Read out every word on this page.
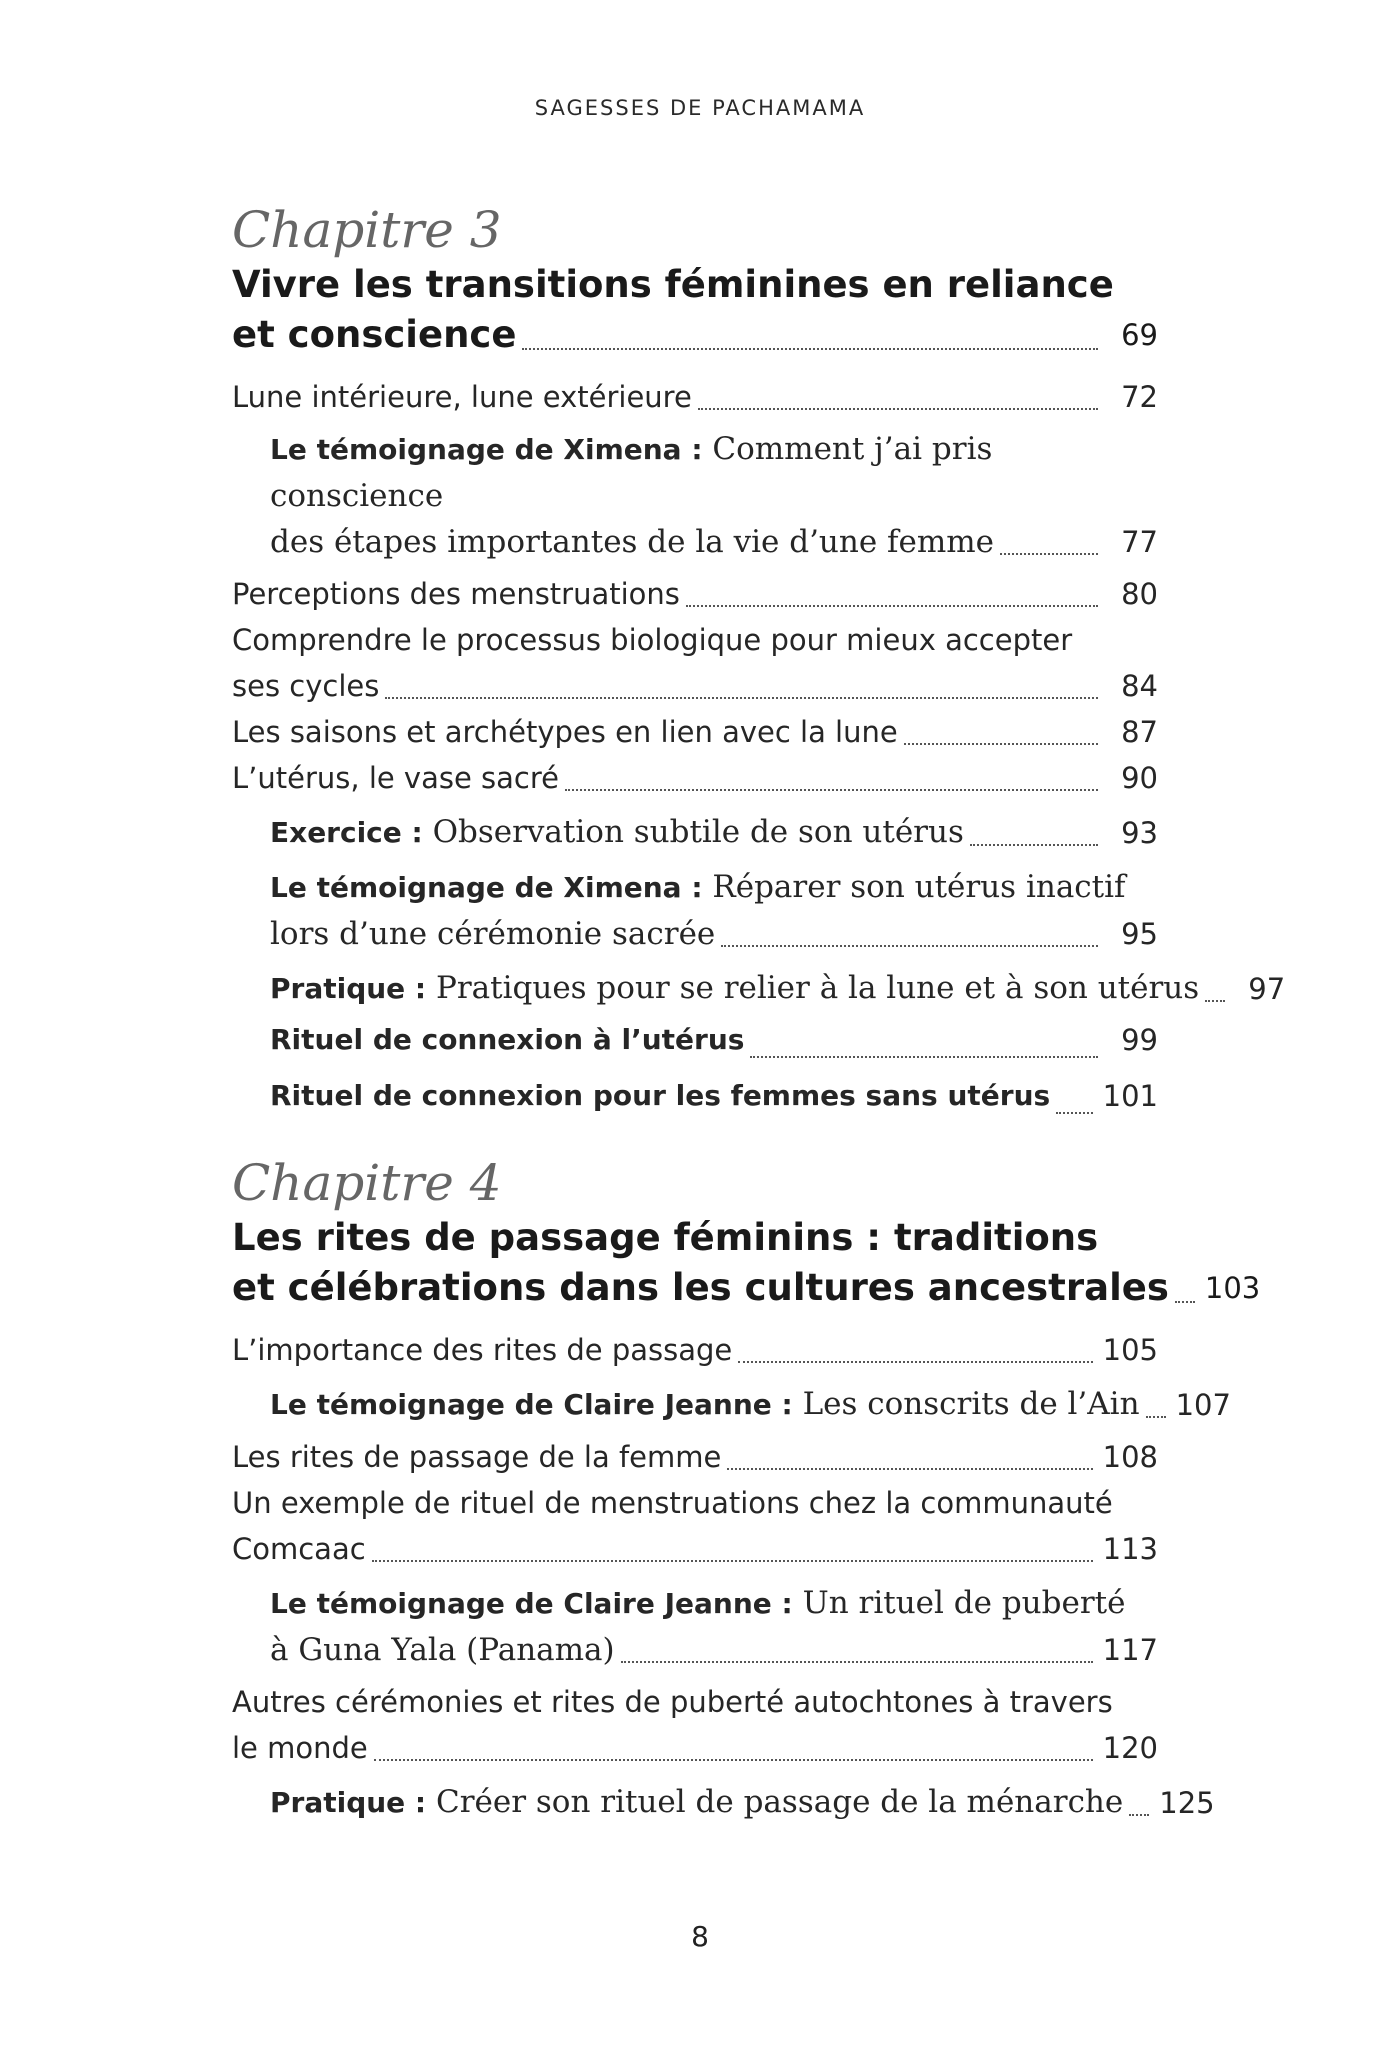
SAGESSES DE PACHAMAMA
Chapitre 3
Vivre les transitions féminines en reliance
et conscience	69
Lune intérieure, lune extérieure	72
Le témoignage de Ximena : Comment j’ai pris conscience
des étapes importantes de la vie d’une femme	77
Perceptions des menstruations	80
Comprendre le processus biologique pour mieux accepter
ses cycles	84
Les saisons et archétypes en lien avec la lune	87
L’utérus, le vase sacré	90
Exercice : Observation subtile de son utérus	93
Le témoignage de Ximena : Réparer son utérus inactif
lors d’une cérémonie sacrée	95
Pratique : Pratiques pour se relier à la lune et à son utérus	97
Rituel de connexion à l’utérus	99
Rituel de connexion pour les femmes sans utérus 101
Chapitre 4
Les rites de passage féminins : traditions
et célébrations dans les cultures ancestrales 103
L’importance des rites de passage	105
Le témoignage de Claire Jeanne : Les conscrits de l’Ain 107
Les rites de passage de la femme	108
Un exemple de rituel de menstruations chez la communauté
Comcaac	113
Le témoignage de Claire Jeanne : Un rituel de puberté
à Guna Yala (Panama)	117
Autres cérémonies et rites de puberté autochtones à travers
le monde	120
Pratique : Créer son rituel de passage de la ménarche 125
8
